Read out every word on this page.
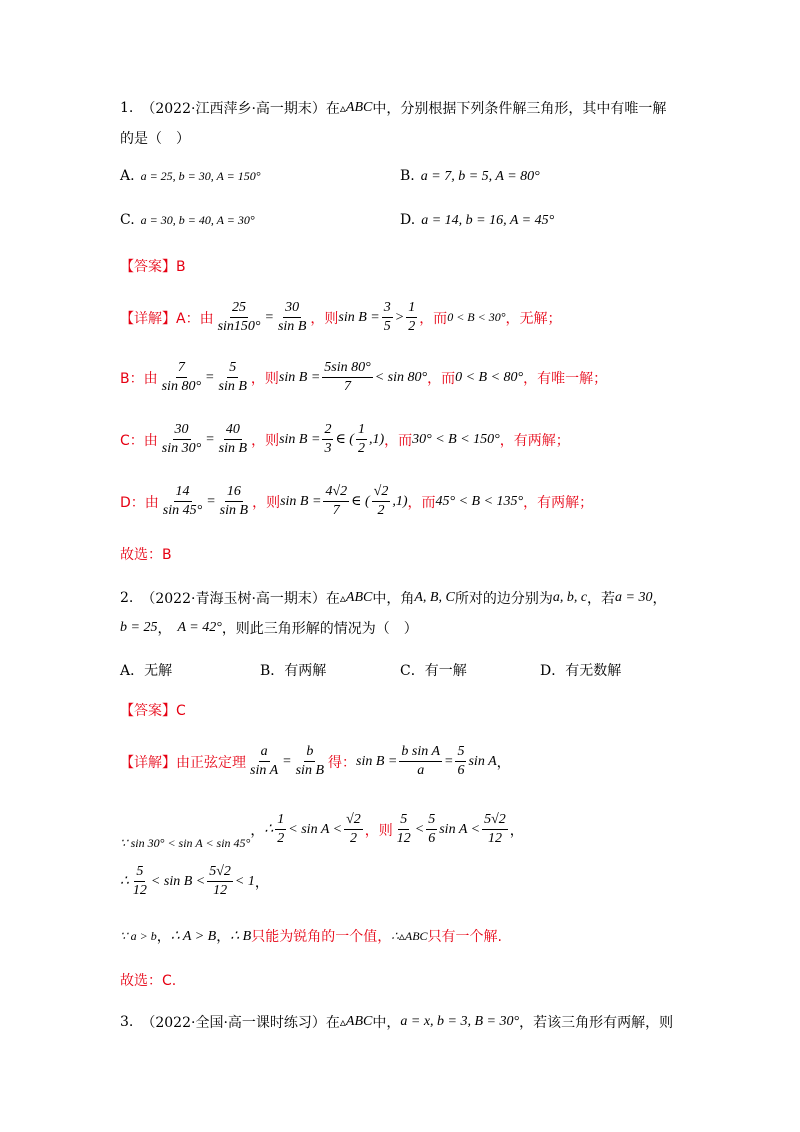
1. （2022·江西萍乡·高一期末） 在 ▵ ABC 中，分别根据下列条件解三角形，其中有唯一解
的是（　）
A. a = 25, b = 30, A = 150°	B. a = 7, b = 5, A = 80°
C. a = 30, b = 40, A = 30°	D. a = 14, b = 16, A = 45°
【答案】B
【详解】A：由 $\frac{25}{\sin 150^\circ} = \frac{30}{\text{sin B}}$ ，则 $\sin B = \frac{3}{5} > \frac{1}{2}$ ，而 0 < B < 30° ，无解；
B：由 $\frac{7}{\sin 80^\circ} = \frac{5}{\text{sin B}}$ ，则 $\sin B = \frac{5\sin 80^\circ}{7} < \sin 80^\circ$ ，而 0 < B < 80° ，有唯一解；
C：由 $\frac{30}{\sin 30^\circ} = \frac{40}{\text{sin B}}$ ，则 $\sin B = \frac{2}{3}$ ∈ ( $\frac{1}{2} ,1$) ，而 30° < B < 150° ，有两解；
D：由 $\frac{14}{\sin 45^\circ} = \frac{16}{\text{sin B}}$ ，则 $\sin B = \frac{4√2}{7}$ ∈ ( $\frac{√2}{2} ,1$) ，而 45° < B < 135° ，有两解；
故选：B
2. （2022·青海玉树·高一期末） 在 ▵ ABC 中，角 A, B, C 所对的边分别为 a, b, c ，若 a = 30 ，
b = 25 ， A = 42° ，则此三角形解的情况为（　）
A．无解	B．有两解	C．有一解	D．有无数解
【答案】C
【详解】由正弦定理 $\frac{a}{\text{sin A}} = \frac{b}{\text{sin B}}$ 得： $\sin B = \frac{\text{b sin A}}{a} = \frac{5}{6}$ sin A ，
∵ sin 30° < sin A < sin 45°
， ∴ $\frac{1}{2} < \sin A < \frac{√2}{2}$ ，则 $\frac{5}{12} < \frac{5}{6}$ $\sin A < \frac{5√2}{12}$ ，
∴ $\frac{5}{12} < \sin B < \frac{5√2}{12} < 1$ ，
∵ a > b ， ∴ A > B ， ∴ B 只能为锐角的一个值， ∴▵ABC 只有一个解.
故选：C.
3. （2022·全国·高一课时练习） 在 ▵ ABC 中， a = x, b = 3, B = 30° ，若该三角形有两解，则
